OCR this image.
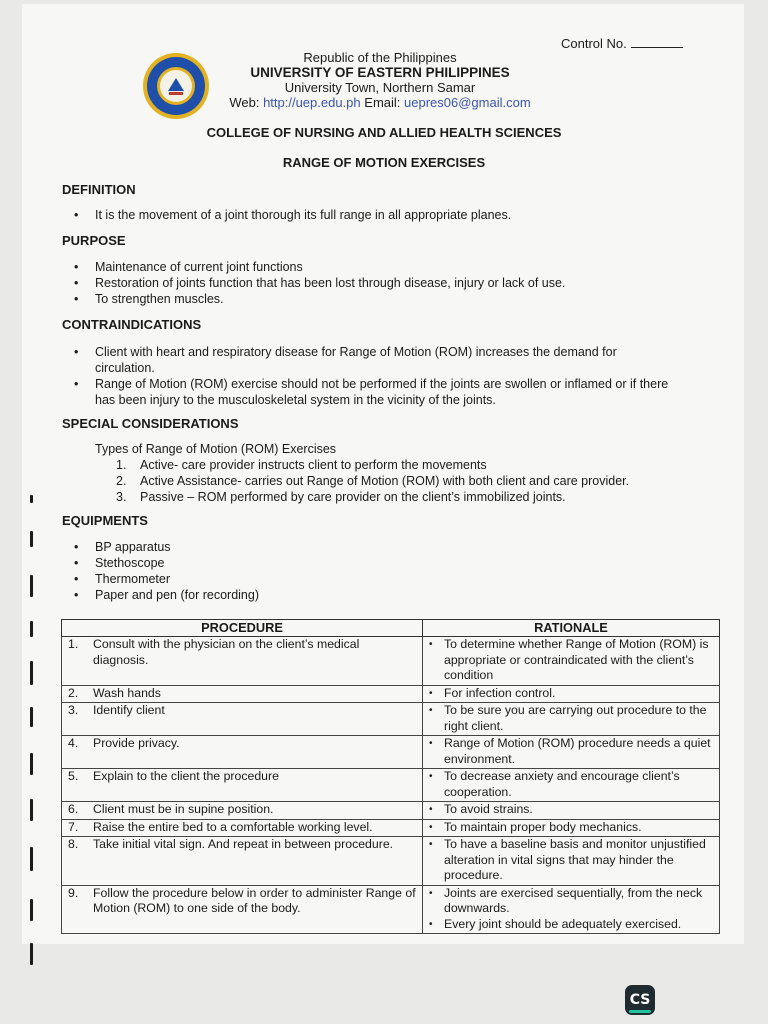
Control No.
Republic of the Philippines
UNIVERSITY OF EASTERN PHILIPPINES
University Town, Northern Samar
Web: http://uep.edu.ph Email: uepres06@gmail.com
COLLEGE OF NURSING AND ALLIED HEALTH SCIENCES
RANGE OF MOTION EXERCISES
DEFINITION
• It is the movement of a joint thorough its full range in all appropriate planes.
PURPOSE
• Maintenance of current joint functions
• Restoration of joints function that has been lost through disease, injury or lack of use.
• To strengthen muscles.
CONTRAINDICATIONS
• Client with heart and respiratory disease for Range of Motion (ROM) increases the demand for circulation.
• Range of Motion (ROM) exercise should not be performed if the joints are swollen or inflamed or if there has been injury to the musculoskeletal system in the vicinity of the joints.
SPECIAL CONSIDERATIONS
Types of Range of Motion (ROM) Exercises
1. Active- care provider instructs client to perform the movements
2. Active Assistance- carries out Range of Motion (ROM) with both client and care provider.
3. Passive – ROM performed by care provider on the client’s immobilized joints.
EQUIPMENTS
• BP apparatus
• Stethoscope
• Thermometer
• Paper and pen (for recording)
PROCEDURE	RATIONALE
1. Consult with the physician on the client’s medical diagnosis.	• To determine whether Range of Motion (ROM) is appropriate or contraindicated with the client’s condition

2. Wash hands	• For infection control.

3. Identify client	• To be sure you are carrying out procedure to the right client.

4. Provide privacy.	• Range of Motion (ROM) procedure needs a quiet environment.

5. Explain to the client the procedure	• To decrease anxiety and encourage client’s cooperation.

6. Client must be in supine position.	• To avoid strains.

7. Raise the entire bed to a comfortable working level.	• To maintain proper body mechanics.

8. Take initial vital sign. And repeat in between procedure.	• To have a baseline basis and monitor unjustified alteration in vital signs that may hinder the procedure.

9. Follow the procedure below in order to administer Range of Motion (ROM) to one side of the body.	• Joints are exercised sequentially, from the neck downwards.
• Every joint should be adequately exercised.
CS
